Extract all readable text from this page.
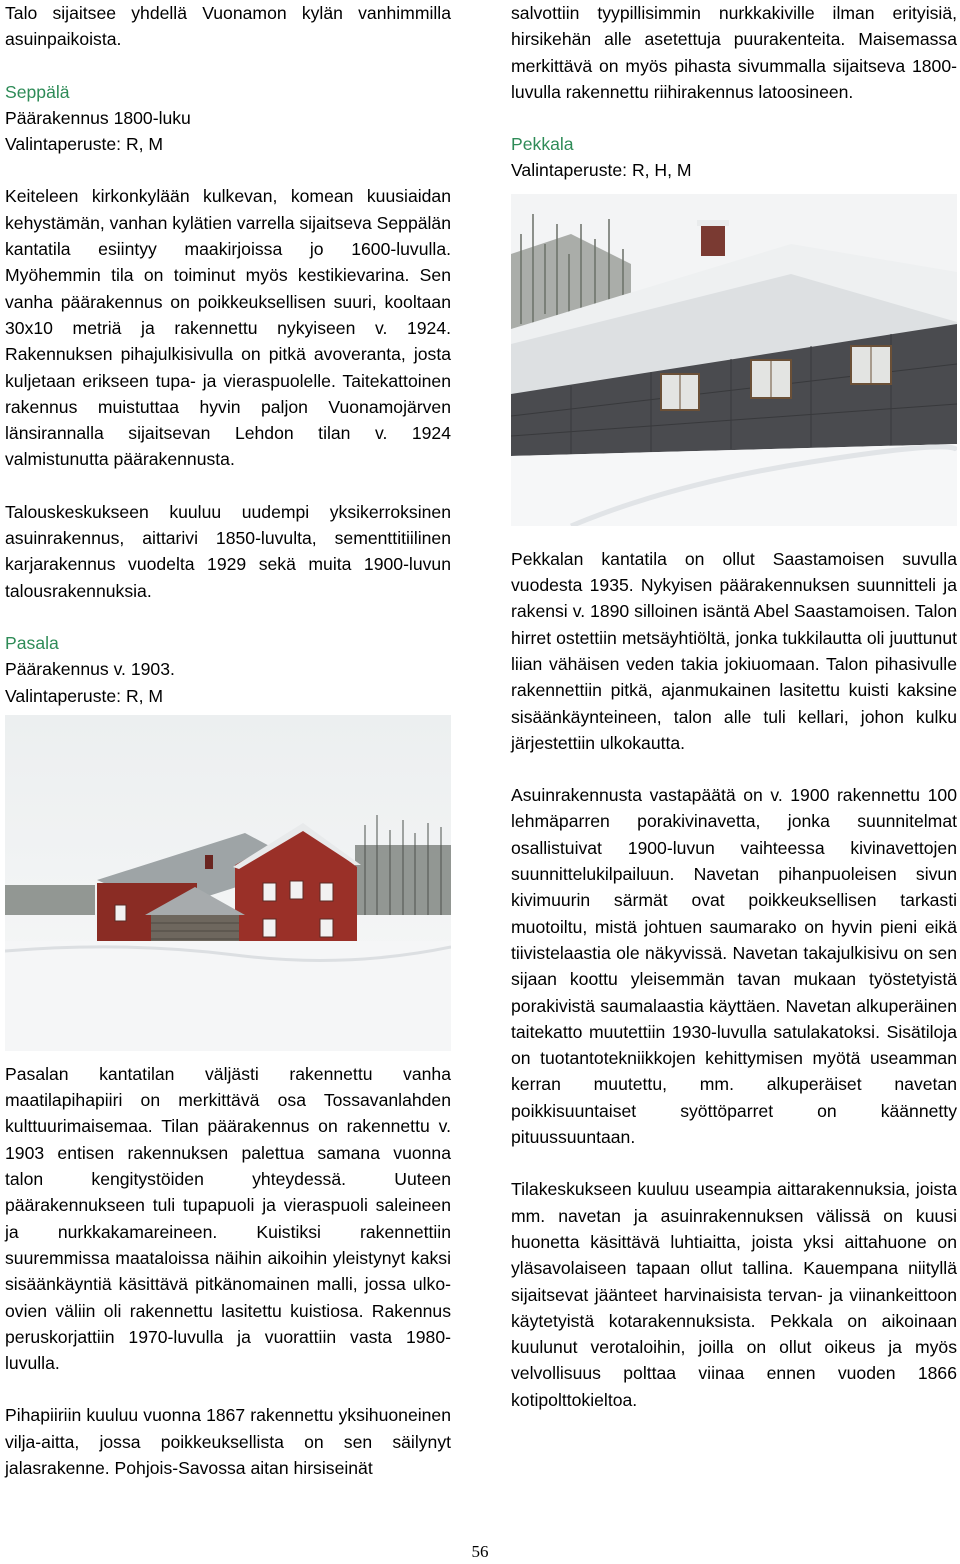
Talo sijaitsee yhdellä Vuonamon kylän vanhimmilla asuinpaikoista.

Seppälä
Päärakennus 1800-luku
Valintaperuste: R, M

Keiteleen kirkonkylään kulkevan, komean kuusiaidan kehystämän, vanhan kylätien varrella sijaitseva Seppälän kantatila esiintyy maakirjoissa jo 1600-luvulla. Myöhemmin tila on toiminut myös kestikievarina. Sen vanha päärakennus on poikkeuksellisen suuri, kooltaan 30x10 metriä ja rakennettu nykyiseen v. 1924. Rakennuksen pihajulkisivulla on pitkä avoveranta, josta kuljetaan erikseen tupa- ja vieraspuolelle. Taitekattoinen rakennus muistuttaa hyvin paljon Vuonamojärven länsirannalla sijaitsevan Lehdon tilan v. 1924 valmistunutta päärakennusta.

Talouskeskukseen kuuluu uudempi yksikerroksinen asuinrakennus, aittarivi 1850-luvulta, sementtitiilinen karjarakennus vuodelta 1929 sekä muita 1900-luvun talousrakennuksia.

Pasala
Päärakennus v. 1903.
Valintaperuste: R, M

Pasalan kantatilan väljästi rakennettu vanha maatilapihapiiri on merkittävä osa Tossavanlahden kulttuurimaisemaa. Tilan päärakennus on rakennettu v. 1903 entisen rakennuksen palettua samana vuonna talon kengitystöiden yhteydessä. Uuteen päärakennukseen tuli tupapuoli ja vieraspuoli saleineen ja nurkkakamareineen. Kuistiksi rakennettiin suuremmissa maataloissa näihin aikoihin yleistynyt kaksi sisäänkäyntiä käsittävä pitkänomainen malli, jossa ulko-ovien väliin oli rakennettu lasitettu kuistiosa. Rakennus peruskorjattiin 1970-luvulla ja vuorattiin vasta 1980-luvulla.

Pihapiiriin kuuluu vuonna 1867 rakennettu yksihuoneinen vilja-aitta, jossa poikkeuksellista on sen säilynyt jalasrakenne. Pohjois-Savossa aitan hirsiseinät

salvottiin tyypillisimmin nurkkakiville ilman erityisiä, hirsikehän alle asetettuja puurakenteita. Maisemassa merkittävä on myös pihasta sivummalla sijaitseva 1800-luvulla rakennettu riihirakennus latoosineen.

Pekkala
Valintaperuste: R, H, M

Pekkalan kantatila on ollut Saastamoisen suvulla vuodesta 1935. Nykyisen päärakennuksen suunnitteli ja rakensi v. 1890 silloinen isäntä Abel Saastamoisen. Talon hirret ostettiin metsäyhtiöltä, jonka tukkilautta oli juuttunut liian vähäisen veden takia jokiuomaan. Talon pihasivulle rakennettiin pitkä, ajanmukainen lasitettu kuisti kaksine sisäänkäynteineen, talon alle tuli kellari, johon kulku järjestettiin ulkokautta.

Asuinrakennusta vastapäätä on v. 1900 rakennettu 100 lehmäparren porakivinavetta, jonka suunnitelmat osallistuivat 1900-luvun vaihteessa kivinavettojen suunnittelukilpailuun. Navetan pihanpuoleisen sivun kivimuurin särmät ovat poikkeuksellisen tarkasti muotoiltu, mistä johtuen saumarako on hyvin pieni eikä tiivistelaastia ole näkyvissä. Navetan takajulkisivu on sen sijaan koottu yleisemmän tavan mukaan työstetyistä porakivistä saumalaastia käyttäen. Navetan alkuperäinen taitekatto muutettiin 1930-luvulla satulakatoksi. Sisätiloja on tuotantotekniikkojen kehittymisen myötä useamman kerran muutettu, mm. alkuperäiset navetan poikkisuuntaiset syöttöparret on käännetty pituussuuntaan.

Tilakeskukseen kuuluu useampia aittarakennuksia, joista mm. navetan ja asuinrakennuksen välissä on kuusi huonetta käsittävä luhtiaitta, joista yksi aittahuone on yläsavolaiseen tapaan ollut tallina. Kauempana niityllä sijaitsevat jäänteet harvinaisista tervan- ja viinankeittoon käytetyistä kotarakennuksista. Pekkala on aikoinaan kuulunut verotaloihin, joilla on ollut oikeus ja myös velvollisuus polttaa viinaa ennen vuoden 1866 kotipolttokieltoa.

56
